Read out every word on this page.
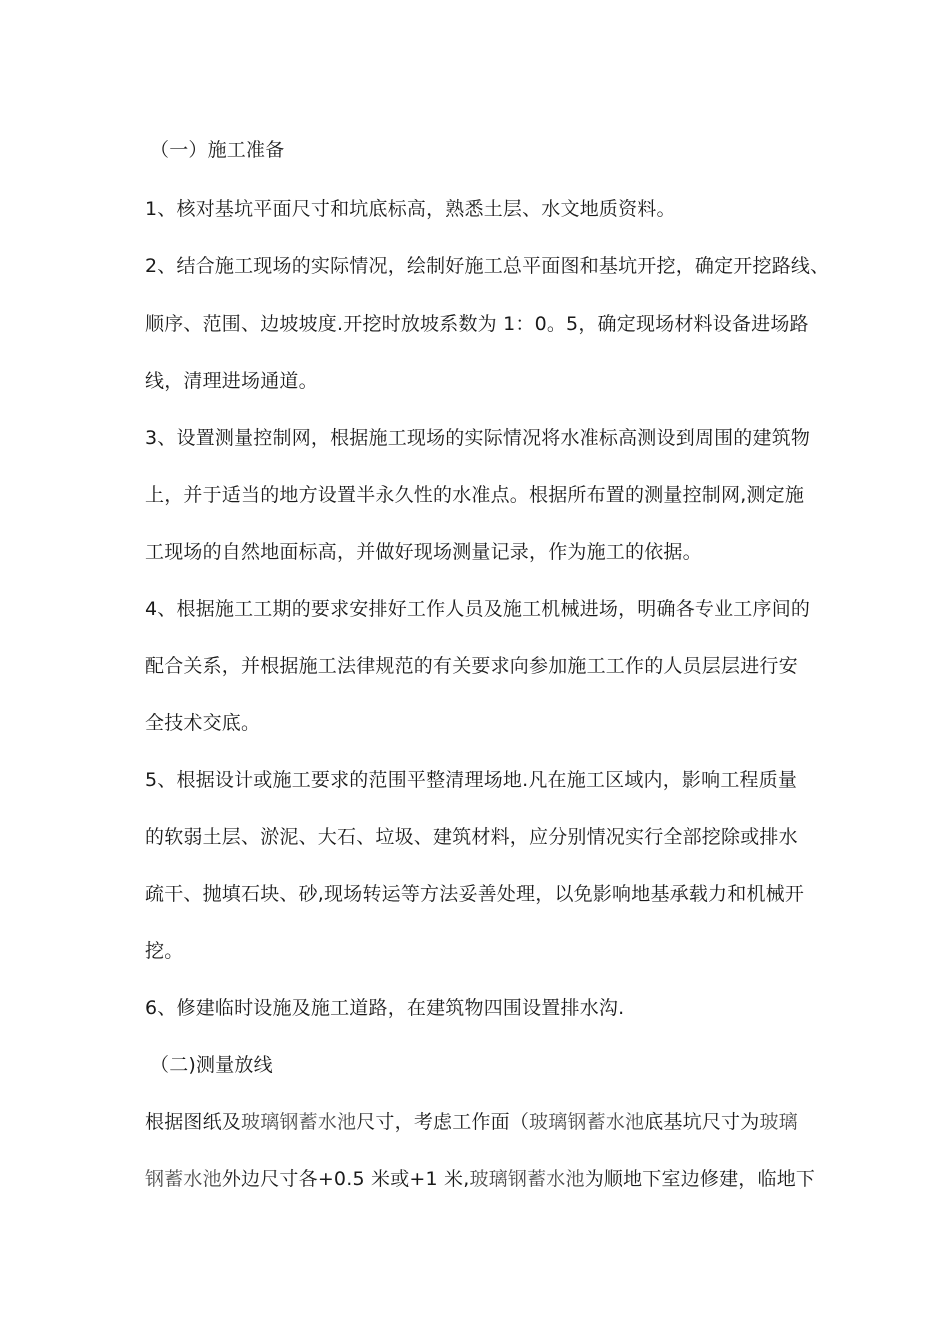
（一）施工准备
1、核对基坑平面尺寸和坑底标高，熟悉土层、水文地质资料。
2、结合施工现场的实际情况，绘制好施工总平面图和基坑开挖，确定开挖路线、
顺序、范围、边坡坡度.开挖时放坡系数为 1：0。5，确定现场材料设备进场路
线，清理进场通道。
3、设置测量控制网，根据施工现场的实际情况将水准标高测设到周围的建筑物
上，并于适当的地方设置半永久性的水准点。根据所布置的测量控制网,测定施
工现场的自然地面标高，并做好现场测量记录，作为施工的依据。
4、根据施工工期的要求安排好工作人员及施工机械进场，明确各专业工序间的
配合关系，并根据施工法律规范的有关要求向参加施工工作的人员层层进行安
全技术交底。
5、根据设计或施工要求的范围平整清理场地.凡在施工区域内，影响工程质量
的软弱土层、淤泥、大石、垃圾、建筑材料，应分别情况实行全部挖除或排水
疏干、抛填石块、砂,现场转运等方法妥善处理，以免影响地基承载力和机械开
挖。
6、修建临时设施及施工道路，在建筑物四围设置排水沟.
（二)测量放线
根据图纸及玻璃钢蓄水池尺寸，考虑工作面（玻璃钢蓄水池底基坑尺寸为玻璃
钢蓄水池外边尺寸各+0.5 米或+1 米,玻璃钢蓄水池为顺地下室边修建，临地下
